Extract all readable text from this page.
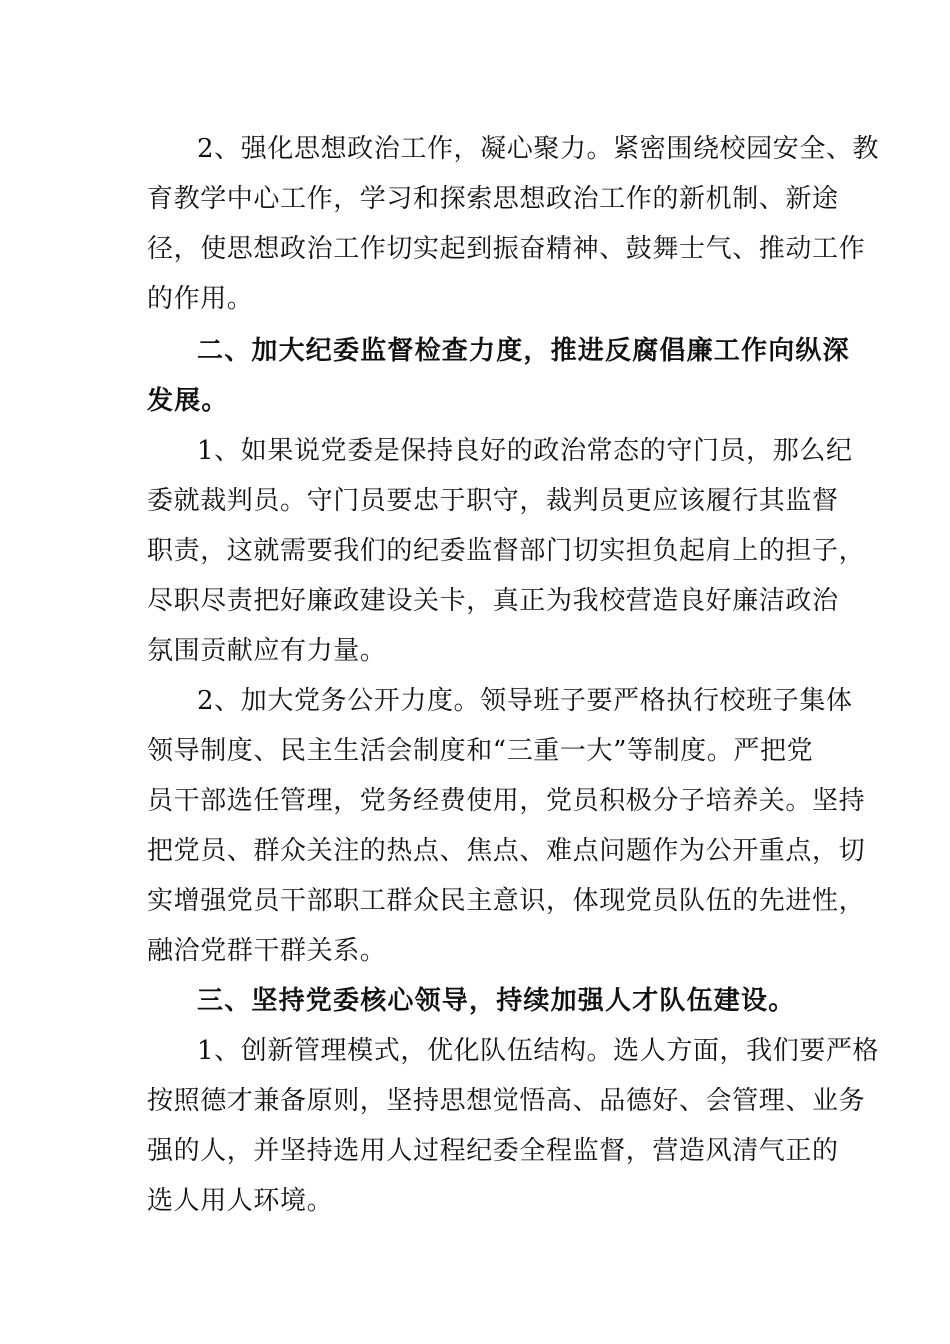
2、强化思想政治工作，凝心聚力。紧密围绕校园安全、教

育教学中心工作，学习和探索思想政治工作的新机制、新途

径，使思想政治工作切实起到振奋精神、鼓舞士气、推动工作

的作用。

二、加大纪委监督检查力度，推进反腐倡廉工作向纵深

发展。

1、如果说党委是保持良好的政治常态的守门员，那么纪

委就裁判员。守门员要忠于职守，裁判员更应该履行其监督

职责，这就需要我们的纪委监督部门切实担负起肩上的担子，

尽职尽责把好廉政建设关卡，真正为我校营造良好廉洁政治

氛围贡献应有力量。

2、加大党务公开力度。领导班子要严格执行校班子集体

领导制度、民主生活会制度和“三重一大”等制度。严把党

员干部选任管理，党务经费使用，党员积极分子培养关。坚持

把党员、群众关注的热点、焦点、难点问题作为公开重点，切

实增强党员干部职工群众民主意识，体现党员队伍的先进性，

融洽党群干群关系。

三、坚持党委核心领导，持续加强人才队伍建设。

1、创新管理模式，优化队伍结构。选人方面，我们要严格

按照德才兼备原则，坚持思想觉悟高、品德好、会管理、业务

强的人，并坚持选用人过程纪委全程监督，营造风清气正的

选人用人环境。
